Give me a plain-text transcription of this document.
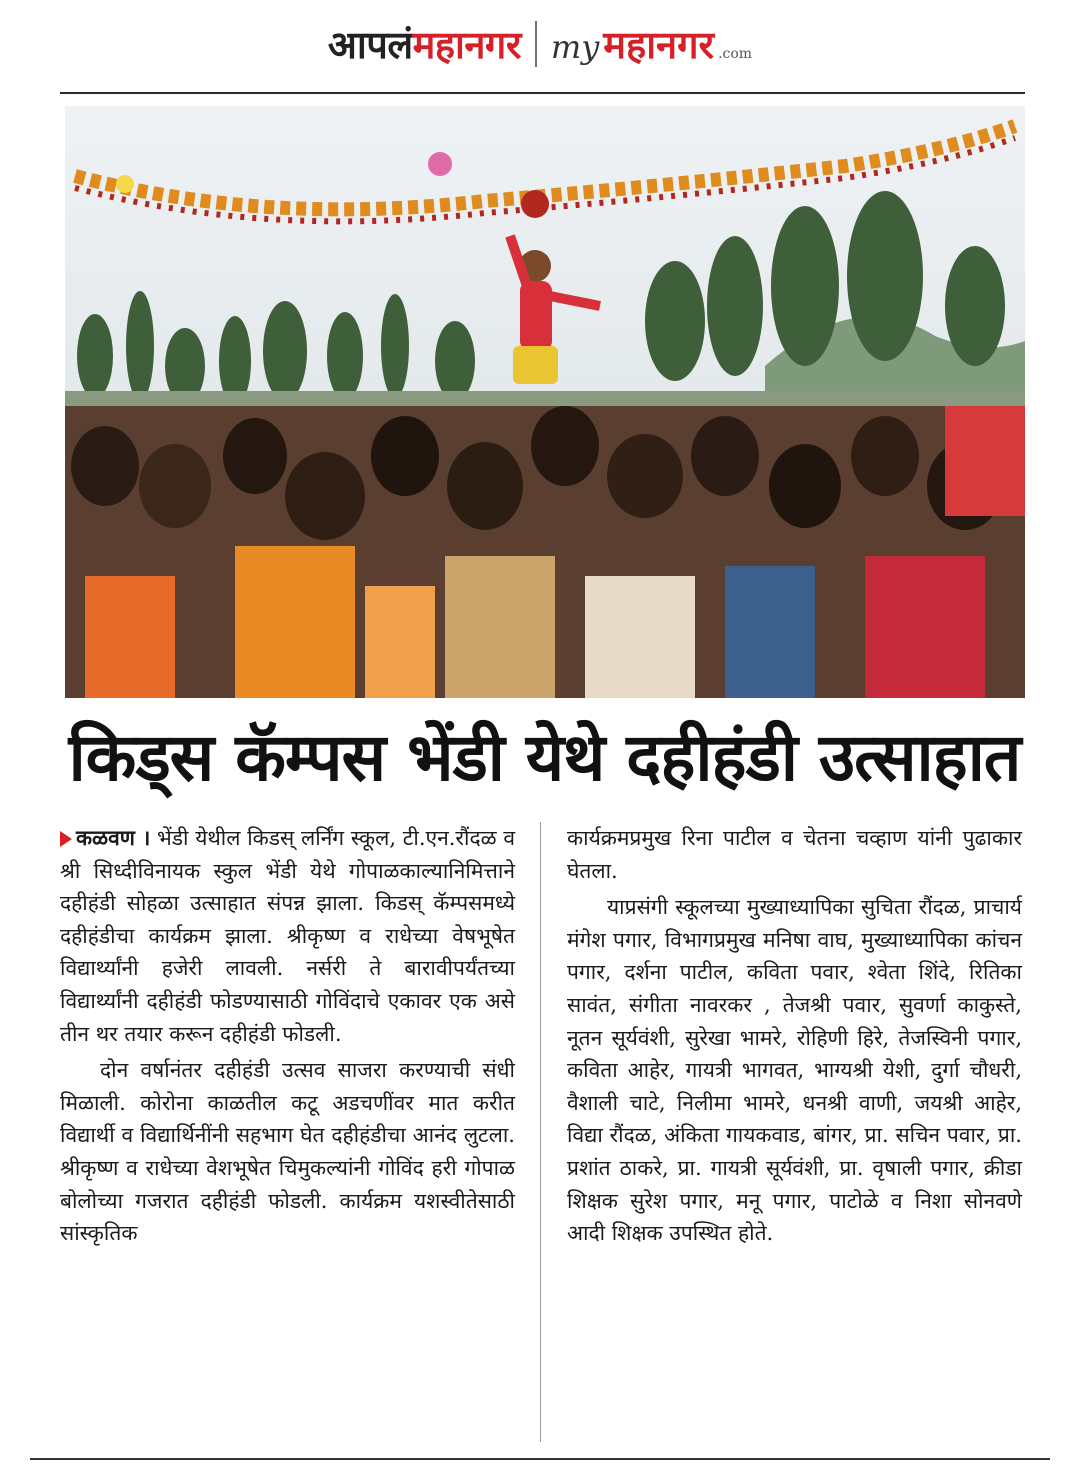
आपलंमहानगर my महानगर .com
किड्स कॅम्पस भेंडी येथे दहीहंडी उत्साहात

कळवण । भेंडी येथील किडस् लर्निंग स्कूल, टी.एन.रौंदळ व श्री सिध्दीविनायक स्कुल भेंडी येथे गोपाळकाल्यानिमित्ताने दहीहंडी सोहळा उत्साहात संपन्न झाला. किडस् कॅम्पसमध्ये दहीहंडीचा कार्यक्रम झाला. श्रीकृष्ण व राधेच्या वेषभूषेत विद्यार्थ्यांनी हजेरी लावली. नर्सरी ते बारावीपर्यंतच्या विद्यार्थ्यांनी दहीहंडी फोडण्यासाठी गोविंदाचे एकावर एक असे तीन थर तयार करून दहीहंडी फोडली.

दोन वर्षानंतर दहीहंडी उत्सव साजरा करण्याची संधी मिळाली. कोरोना काळतील कटू अडचणींवर मात करीत विद्यार्थी व विद्यार्थिनींनी सहभाग घेत दहीहंडीचा आनंद लुटला. श्रीकृष्ण व राधेच्या वेशभूषेत चिमुकल्यांनी गोविंद हरी गोपाळ बोलोच्या गजरात दहीहंडी फोडली. कार्यक्रम यशस्वीतेसाठी सांस्कृतिक

कार्यक्रमप्रमुख रिना पाटील व चेतना चव्हाण यांनी पुढाकार घेतला.

याप्रसंगी स्कूलच्या मुख्याध्यापिका सुचिता रौंदळ, प्राचार्य मंगेश पगार, विभागप्रमुख मनिषा वाघ, मुख्याध्यापिका कांचन पगार, दर्शना पाटील, कविता पवार, श्वेता शिंदे, रितिका सावंत, संगीता नावरकर , तेजश्री पवार, सुवर्णा काकुस्ते, नूतन सूर्यवंशी, सुरेखा भामरे, रोहिणी हिरे, तेजस्विनी पगार, कविता आहेर, गायत्री भागवत, भाग्यश्री येशी, दुर्गा चौधरी, वैशाली चाटे, निलीमा भामरे, धनश्री वाणी, जयश्री आहेर, विद्या रौंदळ, अंकिता गायकवाड, बांगर, प्रा. सचिन पवार, प्रा. प्रशांत ठाकरे, प्रा. गायत्री सूर्यवंशी, प्रा. वृषाली पगार, क्रीडा शिक्षक सुरेश पगार, मनू पगार, पाटोळे व निशा सोनवणे आदी शिक्षक उपस्थित होते.
